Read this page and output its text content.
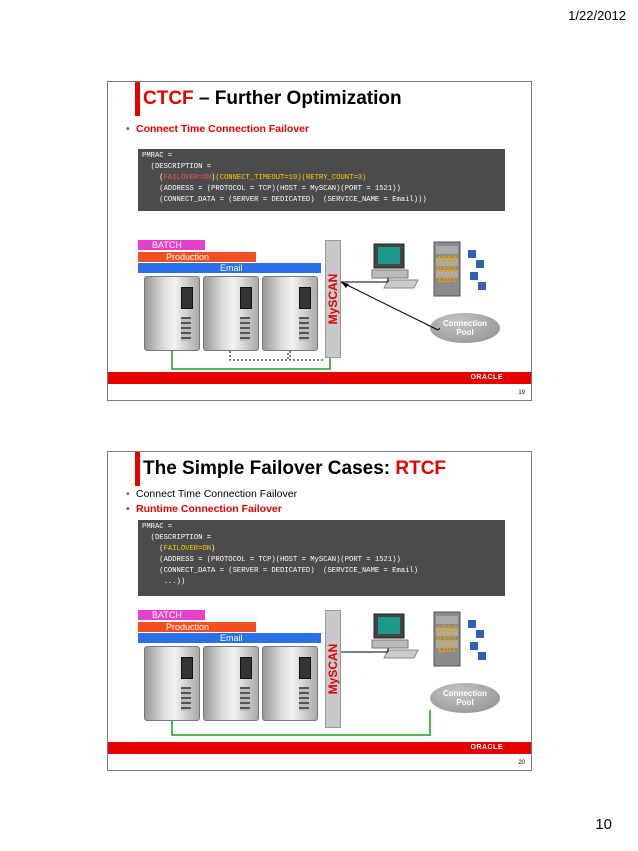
1/22/2012
CTCF – Further Optimization
• Connect Time Connection Failover
PMRAC =
(DESCRIPTION =
(FAILOVER=ON)(CONNECT_TIMEOUT=10)(RETRY_COUNT=3)
(ADDRESS = (PROTOCOL = TCP)(HOST = MySCAN)(PORT = 1521))
(CONNECT_DATA = (SERVER = DEDICATED)  (SERVICE_NAME = Email)))
BATCH
Production
Email
MySCAN
1010
0101
1101
Connection
Pool
ORACLE
19
The Simple Failover Cases: RTCF
• Connect Time Connection Failover
• Runtime Connection Failover
PMRAC =
(DESCRIPTION =
(FAILOVER=ON)
(ADDRESS = (PROTOCOL = TCP)(HOST = MySCAN)(PORT = 1521))
(CONNECT_DATA = (SERVER = DEDICATED)  (SERVICE_NAME = Email)
...))
BATCH
Production
Email
MySCAN
1010
0101
1101
Connection
Pool
ORACLE
20
10
